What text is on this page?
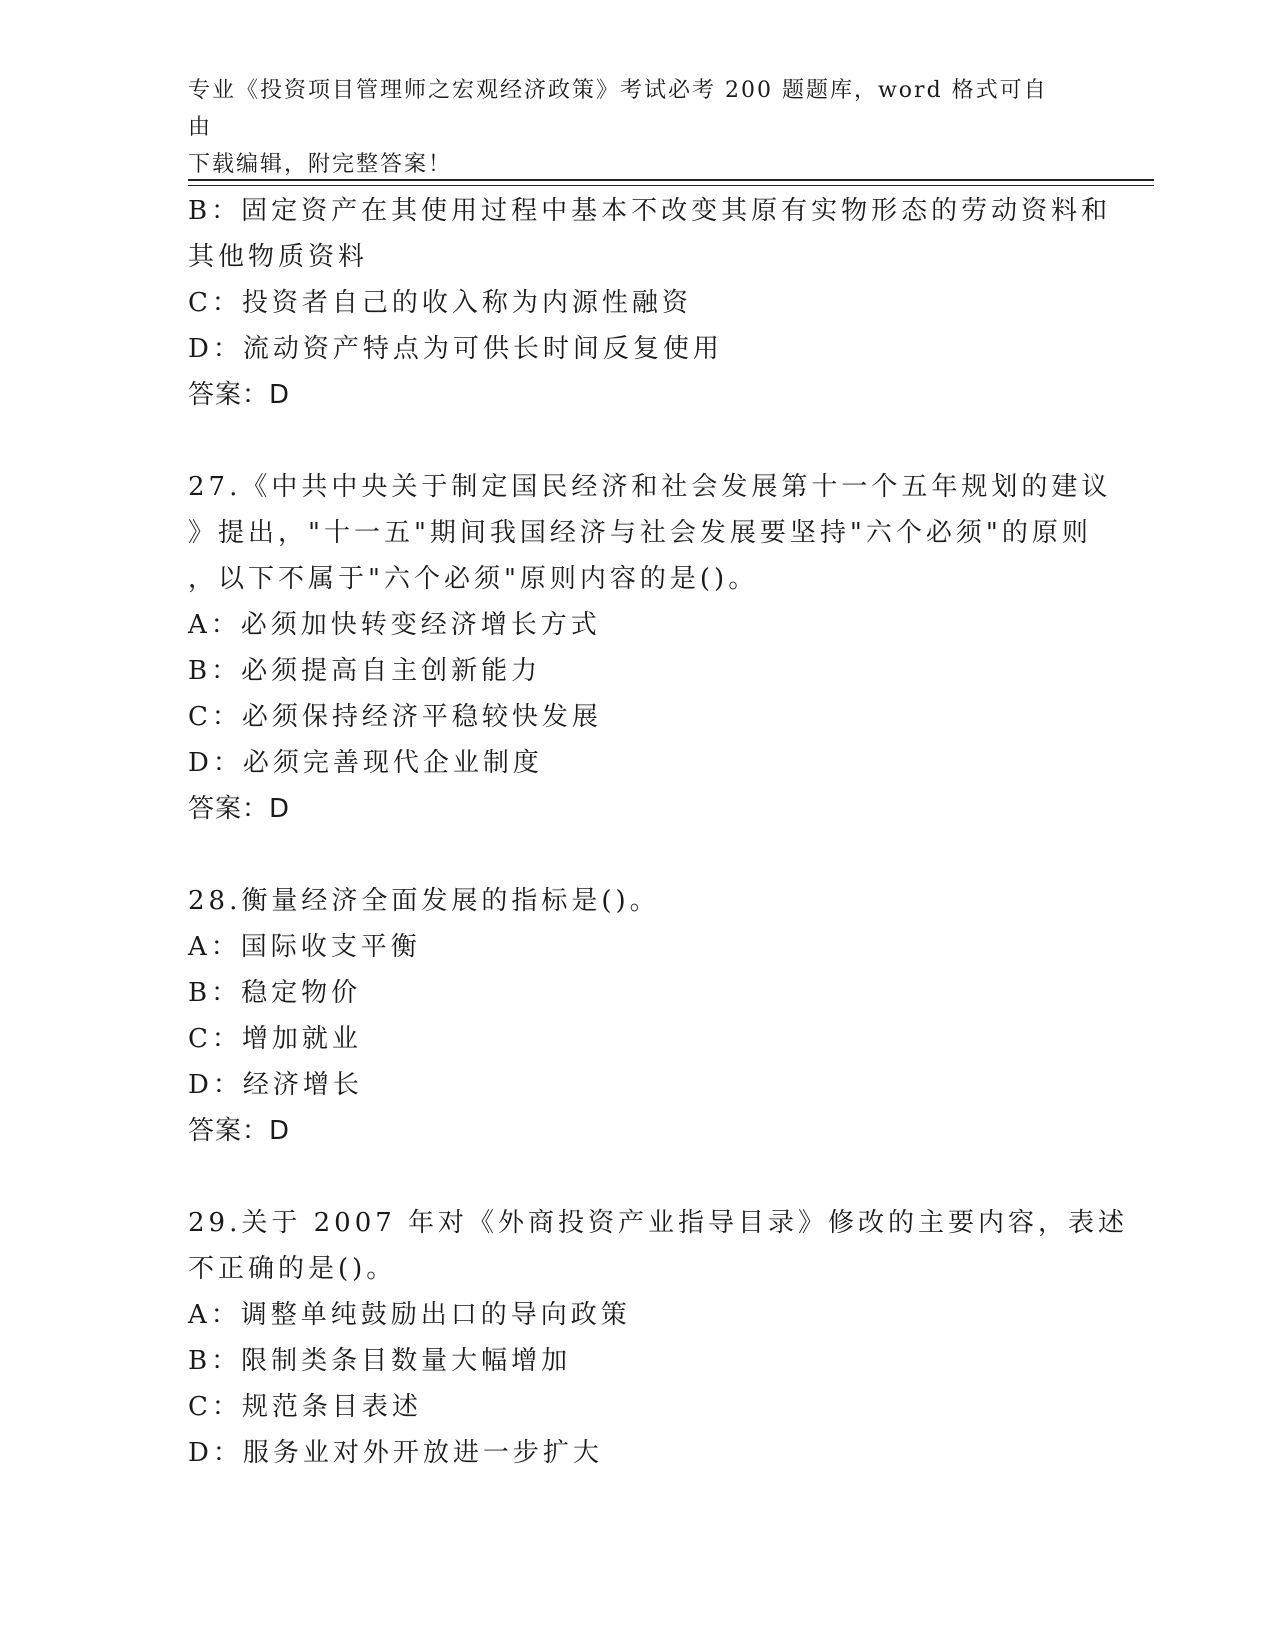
专业《投资项目管理师之宏观经济政策》考试必考 200 题题库，word 格式可自由
下载编辑，附完整答案！

B：固定资产在其使用过程中基本不改变其原有实物形态的劳动资料和

其他物质资料

C：投资者自己的收入称为内源性融资

D：流动资产特点为可供长时间反复使用

答案：D

27.《中共中央关于制定国民经济和社会发展第十一个五年规划的建议

》提出，"十一五"期间我国经济与社会发展要坚持"六个必须"的原则

，以下不属于"六个必须"原则内容的是()。

A：必须加快转变经济增长方式

B：必须提高自主创新能力

C：必须保持经济平稳较快发展

D：必须完善现代企业制度

答案：D

28.衡量经济全面发展的指标是()。

A：国际收支平衡

B：稳定物价

C：增加就业

D：经济增长

答案：D

29.关于 2007 年对《外商投资产业指导目录》修改的主要内容，表述

不正确的是()。

A：调整单纯鼓励出口的导向政策

B：限制类条目数量大幅增加

C：规范条目表述

D：服务业对外开放进一步扩大
